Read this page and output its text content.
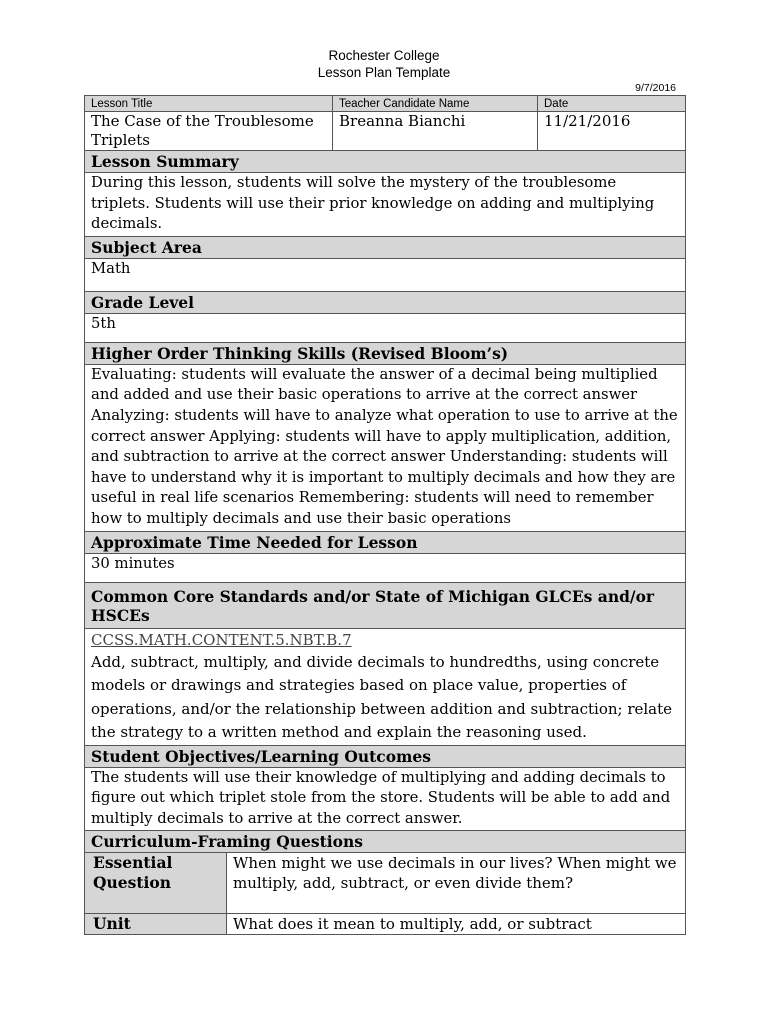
Rochester College
Lesson Plan Template
9/7/2016
Lesson Title		Teacher Candidate Name	Date
The Case of the Troublesome Triplets		Breanna Bianchi	11/21/2016
Lesson Summary			
During this lesson, students will solve the mystery of the troublesome triplets. Students will use their prior knowledge on adding and multiplying decimals.			
Subject Area			
Math			
Grade Level			
5th			
Higher Order Thinking Skills (Revised Bloom’s)			
Evaluating: students will evaluate the answer of a decimal being multiplied and added and use their basic operations to arrive at the correct answer Analyzing: students will have to analyze what operation to use to arrive at the correct answer Applying: students will have to apply multiplication, addition, and subtraction to arrive at the correct answer Understanding: students will have to understand why it is important to multiply decimals and how they are useful in real life scenarios Remembering: students will need to remember how to multiply decimals and use their basic operations			
Approximate Time Needed for Lesson			
30 minutes			
Common Core Standards and/or State of Michigan GLCEs and/or HSCEs			

CCSS.MATH.CONTENT.5.NBT.B.7
Add, subtract, multiply, and divide decimals to hundredths, using concrete models or drawings and strategies based on place value, properties of operations, and/or the relationship between addition and subtraction; relate the strategy to a written method and explain the reasoning used.			

Student Objectives/Learning Outcomes			
The students will use their knowledge of multiplying and adding decimals to figure out which triplet stole from the store. Students will be able to add and multiply decimals to arrive at the correct answer.			
Curriculum-Framing Questions			
Essential Question	When might we use decimals in our lives? When might we multiply, add, subtract, or even divide them?		
Unit	What does it mean to multiply, add, or subtract		
